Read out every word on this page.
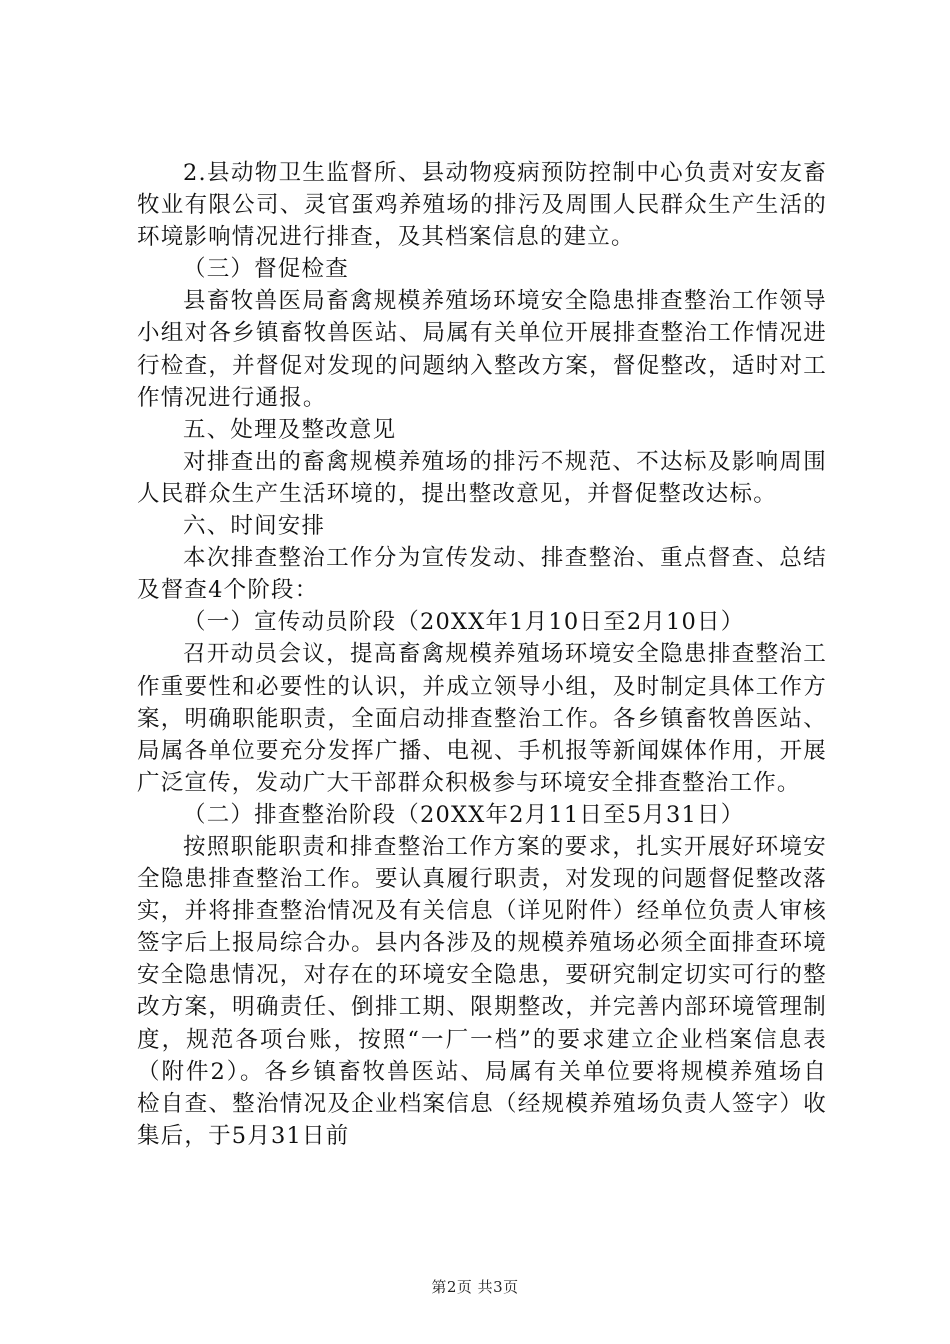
2.县动物卫生监督所、县动物疫病预防控制中心负责对安友畜牧业有限公司、灵官蛋鸡养殖场的排污及周围人民群众生产生活的环境影响情况进行排查，及其档案信息的建立。

（三）督促检查

县畜牧兽医局畜禽规模养殖场环境安全隐患排查整治工作领导小组对各乡镇畜牧兽医站、局属有关单位开展排查整治工作情况进行检查，并督促对发现的问题纳入整改方案，督促整改，适时对工作情况进行通报。

五、处理及整改意见

对排查出的畜禽规模养殖场的排污不规范、不达标及影响周围人民群众生产生活环境的，提出整改意见，并督促整改达标。

六、时间安排

本次排查整治工作分为宣传发动、排查整治、重点督查、总结及督查4个阶段：

（一）宣传动员阶段（20XX年1月10日至2月10日）

召开动员会议，提高畜禽规模养殖场环境安全隐患排查整治工作重要性和必要性的认识，并成立领导小组，及时制定具体工作方案，明确职能职责，全面启动排查整治工作。各乡镇畜牧兽医站、局属各单位要充分发挥广播、电视、手机报等新闻媒体作用，开展广泛宣传，发动广大干部群众积极参与环境安全排查整治工作。

（二）排查整治阶段（20XX年2月11日至5月31日）

按照职能职责和排查整治工作方案的要求，扎实开展好环境安全隐患排查整治工作。要认真履行职责，对发现的问题督促整改落实，并将排查整治情况及有关信息（详见附件）经单位负责人审核签字后上报局综合办。县内各涉及的规模养殖场必须全面排查环境安全隐患情况，对存在的环境安全隐患，要研究制定切实可行的整改方案，明确责任、倒排工期、限期整改，并完善内部环境管理制度，规范各项台账，按照“一厂一档”的要求建立企业档案信息表（附件2）。各乡镇畜牧兽医站、局属有关单位要将规模养殖场自检自查、整治情况及企业档案信息（经规模养殖场负责人签字）收集后，于5月31日前

第2页 共3页
